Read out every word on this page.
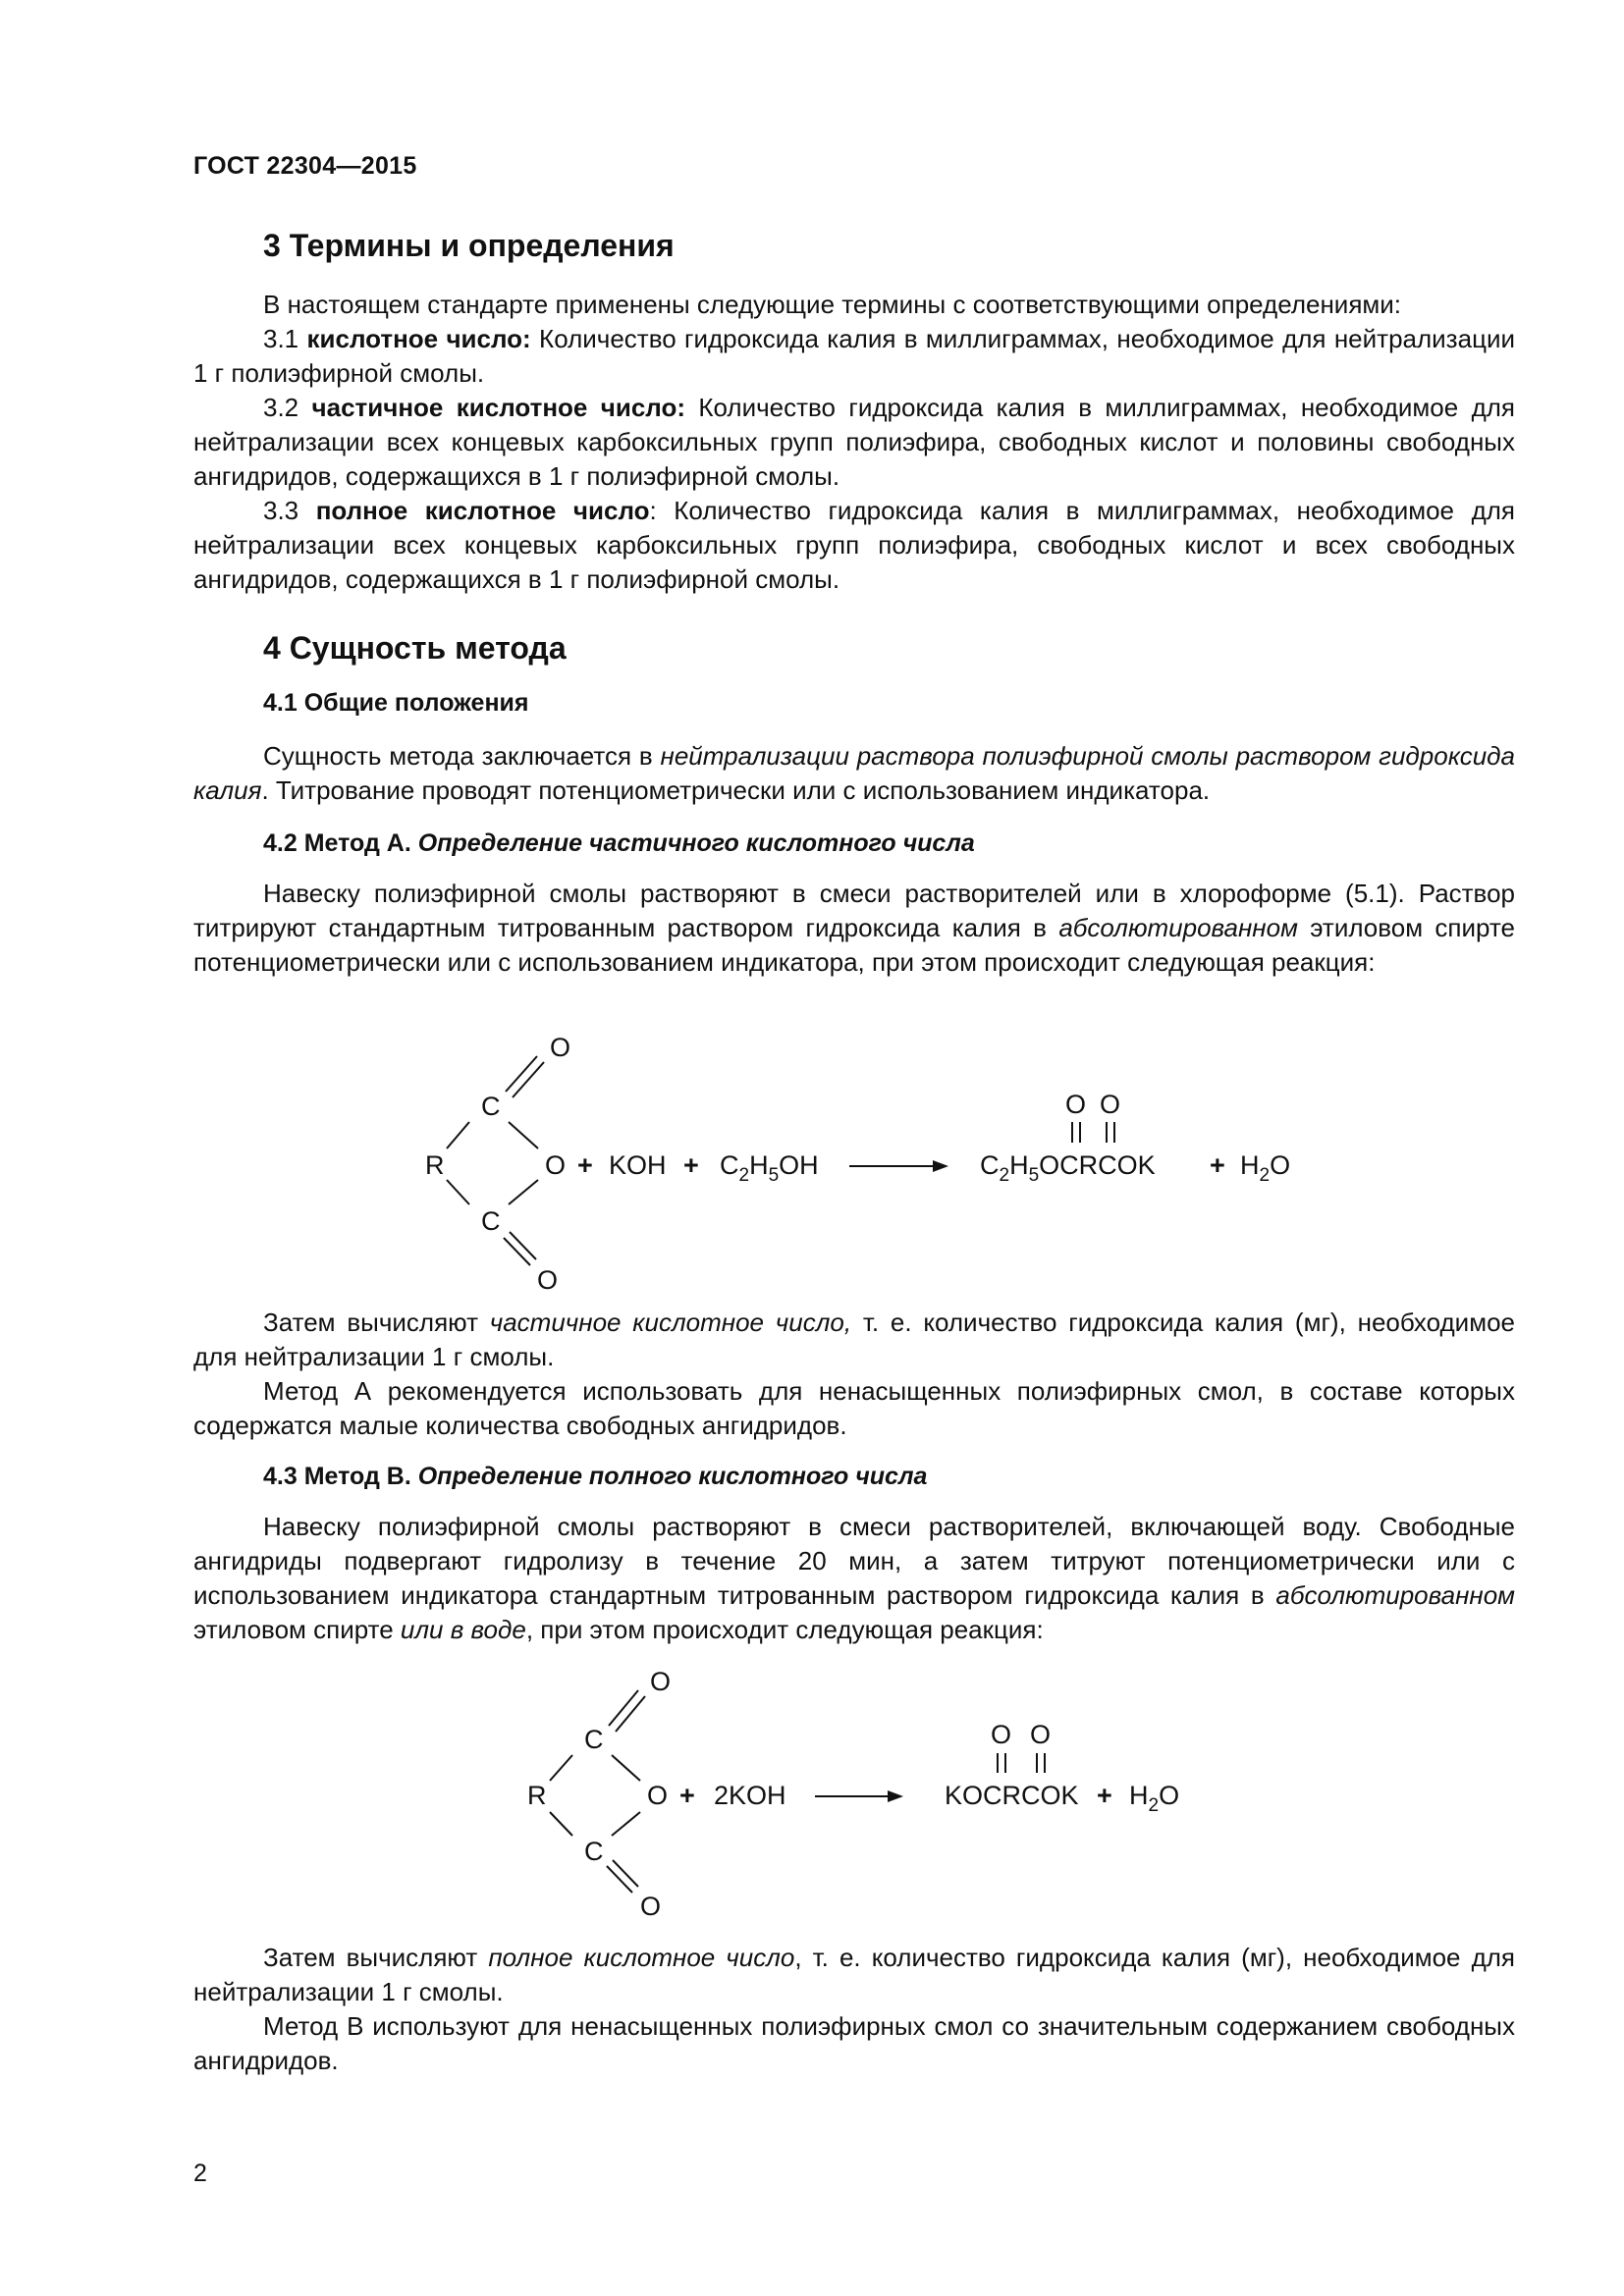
ГОСТ 22304—2015
3 Термины и определения
В настоящем стандарте применены следующие термины с соответствующими определениями:
3.1 кислотное число: Количество гидроксида калия в миллиграммах, необходимое для нейтрализации 1 г полиэфирной смолы.
3.2 частичное кислотное число: Количество гидроксида калия в миллиграммах, необходимое для нейтрализации всех концевых карбоксильных групп полиэфира, свободных кислот и половины свободных ангидридов, содержащихся в 1 г полиэфирной смолы.
3.3 полное кислотное число: Количество гидроксида калия в миллиграммах, необходимое для нейтрализации всех концевых карбоксильных групп полиэфира, свободных кислот и всех свободных ангидридов, содержащихся в 1 г полиэфирной смолы.
4 Сущность метода
4.1 Общие положения
Сущность метода заключается в нейтрализации раствора полиэфирной смолы раствором гидроксида калия. Титрование проводят потенциометрически или с использованием индикатора.
4.2 Метод А. Определение частичного кислотного числа
Навеску полиэфирной смолы растворяют в смеси растворителей или в хлороформе (5.1). Раствор титрируют стандартным титрованным раствором гидроксида калия в абсолютированном этиловом спирте потенциометрически или с использованием индикатора, при этом происходит следующая реакция:
O
C
R	O
C
O
+ KOH + $C_2H_5OH$
O O
$C_2H_5OCRCOK + H_2O$
Затем вычисляют частичное кислотное число, т. е. количество гидроксида калия (мг), необходимое для нейтрализации 1 г смолы.
Метод А рекомендуется использовать для ненасыщенных полиэфирных смол, в составе которых содержатся малые количества свободных ангидридов.
4.3 Метод В. Определение полного кислотного числа
Навеску полиэфирной смолы растворяют в смеси растворителей, включающей воду. Свободные ангидриды подвергают гидролизу в течение 20 мин, а затем титруют потенциометрически или с использованием индикатора стандартным титрованным раствором гидроксида калия в абсолютированном этиловом спирте или в воде, при этом происходит следующая реакция:
O
C
R	O
C
O
+ 2KOH
O O
KOCRCOK + $H_2O$
Затем вычисляют полное кислотное число, т. е. количество гидроксида калия (мг), необходимое для нейтрализации 1 г смолы.
Метод В используют для ненасыщенных полиэфирных смол со значительным содержанием свободных ангидридов.
2
